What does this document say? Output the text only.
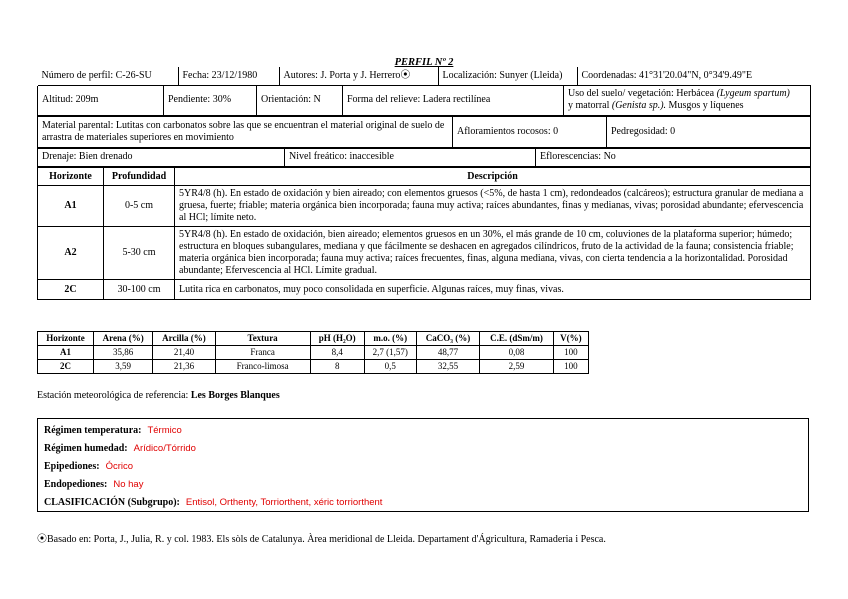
PERFIL Nº 2
Número de perfil: C-26-SU	Fecha: 23/12/1980	Autores: J. Porta y J. Herrero⦿	Localización: Sunyer (Lleida)	Coordenadas: 41°31'20.04"N, 0°34'9.49"E

Altitud: 209m	Pendiente: 30%	Orientación: N	Forma del relieve: Ladera rectilínea	Uso del suelo/ vegetación: Herbácea (Lygeum spartum)
y matorral (Genista sp.). Musgos y líquenes

Material parental: Lutitas con carbonatos sobre las que se encuentran el material original de suelo de arrastra de materiales superiores en movimiento	Afloramientos rocosos: 0	Pedregosidad: 0

Drenaje: Bien drenado	Nivel freático: inaccesible	Eflorescencias: No

Horizonte	Profundidad	Descripción
A1	0-5 cm	5YR4/8 (h). En estado de oxidación y bien aireado; con elementos gruesos (<5%, de hasta 1 cm), redondeados (calcáreos); estructura granular de mediana a gruesa, fuerte; friable; materia orgánica bien incorporada; fauna muy activa; raíces abundantes, finas y medianas, vivas; porosidad abundante; efervescencia al HCl; límite neto.
A2	5-30 cm	5YR4/8 (h). En estado de oxidación, bien aireado; elementos gruesos en un 30%, el más grande de 10 cm, coluviones de la plataforma superior; húmedo; estructura en bloques subangulares, mediana y que fácilmente se deshacen en agregados cilíndricos, fruto de la actividad de la fauna; consistencia friable; materia orgánica bien incorporada; fauna muy activa; raíces frecuentes, finas, alguna mediana, vivas, con cierta tendencia a la horizontalidad. Porosidad abundante; Efervescencia al HCl. Límite gradual.
2C	30-100 cm	Lutita rica en carbonatos, muy poco consolidada en superficie. Algunas raíces, muy finas, vivas.
Horizonte	Arena (%)	Arcilla (%)	Textura	pH (H₂O)	m.o. (%)	CaCO₃ (%)	C.E. (dSm/m)	V(%)
A1	35,86	21,40	Franca	8,4	2,7 (1,57)	48,77	0,08	100
2C	3,59	21,36	Franco-limosa	8	0,5	32,55	2,59	100
Estación meteorológica de referencia: Les Borges Blanques
Régimen temperatura: Térmico
Régimen humedad: Arídico/Tórrido
Epipediones: Ócrico
Endopediones: No hay
CLASIFICACIÓN (Subgrupo): Entisol, Orthenty, Torriorthent, xéric torriorthent
⦿Basado en: Porta, J., Julia, R. y col. 1983. Els sòls de Catalunya. Àrea meridional de Lleida. Departament d'Ágricultura, Ramaderia i Pesca.
